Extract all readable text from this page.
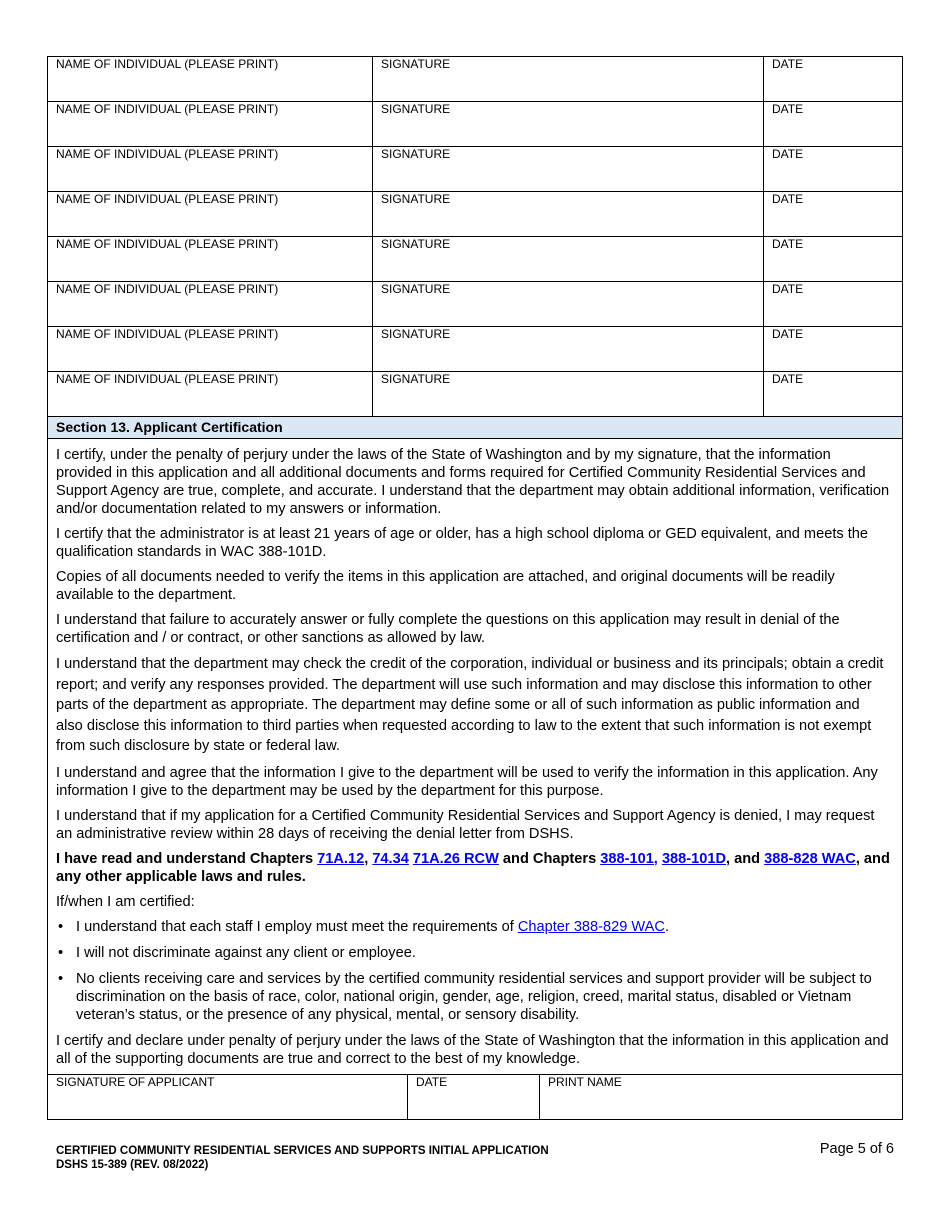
NAME OF INDIVIDUAL (PLEASE PRINT)	SIGNATURE	DATE
NAME OF INDIVIDUAL (PLEASE PRINT)	SIGNATURE	DATE
NAME OF INDIVIDUAL (PLEASE PRINT)	SIGNATURE	DATE
NAME OF INDIVIDUAL (PLEASE PRINT)	SIGNATURE	DATE
NAME OF INDIVIDUAL (PLEASE PRINT)	SIGNATURE	DATE
NAME OF INDIVIDUAL (PLEASE PRINT)	SIGNATURE	DATE
NAME OF INDIVIDUAL (PLEASE PRINT)	SIGNATURE	DATE
NAME OF INDIVIDUAL (PLEASE PRINT)	SIGNATURE	DATE
Section 13. Applicant Certification

I certify, under the penalty of perjury under the laws of the State of Washington and by my signature, that the information provided in this application and all additional documents and forms required for Certified Community Residential Services and Support Agency are true, complete, and accurate. I understand that the department may obtain additional information, verification and/or documentation related to my answers or information.

I certify that the administrator is at least 21 years of age or older, has a high school diploma or GED equivalent, and meets the qualification standards in WAC 388-101D.

Copies of all documents needed to verify the items in this application are attached, and original documents will be readily available to the department.

I understand that failure to accurately answer or fully complete the questions on this application may result in denial of the certification and / or contract, or other sanctions as allowed by law.

I understand that the department may check the credit of the corporation, individual or business and its principals; obtain a credit report; and verify any responses provided. The department will use such information and may disclose this information to other parts of the department as appropriate. The department may define some or all of such information as public information and also disclose this information to third parties when requested according to law to the extent that such information is not exempt from such disclosure by state or federal law.

I understand and agree that the information I give to the department will be used to verify the information in this application. Any information I give to the department may be used by the department for this purpose.

I understand that if my application for a Certified Community Residential Services and Support Agency is denied, I may request an administrative review within 28 days of receiving the denial letter from DSHS.

I have read and understand Chapters 71A.12, 74.34 71A.26 RCW and Chapters 388-101, 388-101D, and 388-828 WAC, and any other applicable laws and rules.

If/when I am certified:

• I understand that each staff I employ must meet the requirements of Chapter 388-829 WAC.
• I will not discriminate against any client or employee.
• No clients receiving care and services by the certified community residential services and support provider will be subject to discrimination on the basis of race, color, national origin, gender, age, religion, creed, marital status, disabled or Vietnam veteran’s status, or the presence of any physical, mental, or sensory disability.

I certify and declare under penalty of perjury under the laws of the State of Washington that the information in this application and all of the supporting documents are true and correct to the best of my knowledge.

SIGNATURE OF APPLICANT	DATE	PRINT NAME
CERTIFIED COMMUNITY RESIDENTIAL SERVICES AND SUPPORTS INITIAL APPLICATION
DSHS 15-389 (REV. 08/2022)
Page 5 of 6
